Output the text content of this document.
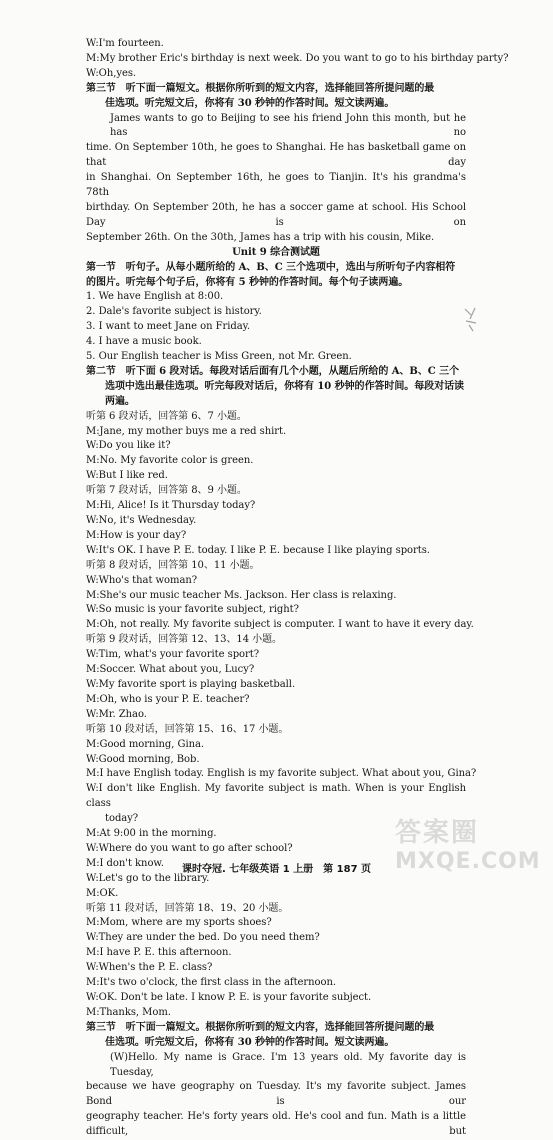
W:I'm fourteen.
M:My brother Eric's birthday is next week. Do you want to go to his birthday party?
W:Oh,yes.
第三节　听下面一篇短文。根据你所听到的短文内容，选择能回答所提问题的最
佳选项。听完短文后，你将有 30 秒钟的作答时间。短文读两遍。
James wants to go to Beijing to see his friend John this month, but he has no
time. On September 10th, he goes to Shanghai. He has basketball game on that day
in Shanghai. On September 16th, he goes to Tianjin. It's his grandma's 78th
birthday. On September 20th, he has a soccer game at school. His School Day is on
September 26th. On the 30th, James has a trip with his cousin, Mike.
Unit 9 综合测试题
第一节　听句子。从每小题所给的 A、B、C 三个选项中，选出与所听句子内容相符
的图片。听完每个句子后，你将有 5 秒钟的作答时间。每个句子读两遍。
1. We have English at 8:00.
2. Dale's favorite subject is history.
3. I want to meet Jane on Friday.
4. I have a music book.
5. Our English teacher is Miss Green, not Mr. Green.
第二节　听下面 6 段对话。每段对话后面有几个小题，从题后所给的 A、B、C 三个
选项中选出最佳选项。听完每段对话后，你将有 10 秒钟的作答时间。每段对话读
两遍。
听第 6 段对话，回答第 6、7 小题。
M:Jane, my mother buys me a red shirt.
W:Do you like it?
M:No. My favorite color is green.
W:But I like red.
听第 7 段对话，回答第 8、9 小题。
M:Hi, Alice! Is it Thursday today?
W:No, it's Wednesday.
M:How is your day?
W:It's OK. I have P. E. today. I like P. E. because I like playing sports.
听第 8 段对话，回答第 10、11 小题。
W:Who's that woman?
M:She's our music teacher Ms. Jackson. Her class is relaxing.
W:So music is your favorite subject, right?
M:Oh, not really. My favorite subject is computer. I want to have it every day.
听第 9 段对话，回答第 12、13、14 小题。
W:Tim, what's your favorite sport?
M:Soccer. What about you, Lucy?
W:My favorite sport is playing basketball.
M:Oh, who is your P. E. teacher?
W:Mr. Zhao.
听第 10 段对话，回答第 15、16、17 小题。
M:Good morning, Gina.
W:Good morning, Bob.
M:I have English today. English is my favorite subject. What about you, Gina?
W:I don't like English. My favorite subject is math. When is your English class
today?
M:At 9:00 in the morning.
W:Where do you want to go after school?
M:I don't know.
W:Let's go to the library.
M:OK.
听第 11 段对话，回答第 18、19、20 小题。
M:Mom, where are my sports shoes?
W:They are under the bed. Do you need them?
M:I have P. E. this afternoon.
W:When's the P. E. class?
M:It's two o'clock, the first class in the afternoon.
W:OK. Don't be late. I know P. E. is your favorite subject.
M:Thanks, Mom.
第三节　听下面一篇短文。根据你所听到的短文内容，选择能回答所提问题的最
佳选项。听完短文后，你将有 30 秒钟的作答时间。短文读两遍。
(W)Hello. My name is Grace. I'm 13 years old. My favorite day is Tuesday,
because we have geography on Tuesday. It's my favorite subject. James Bond is our
geography teacher. He's forty years old. He's cool and fun. Math is a little difficult, but
课时夺冠. 七年级英语 1 上册　第 187 页
答案圈
MXQE.COM
